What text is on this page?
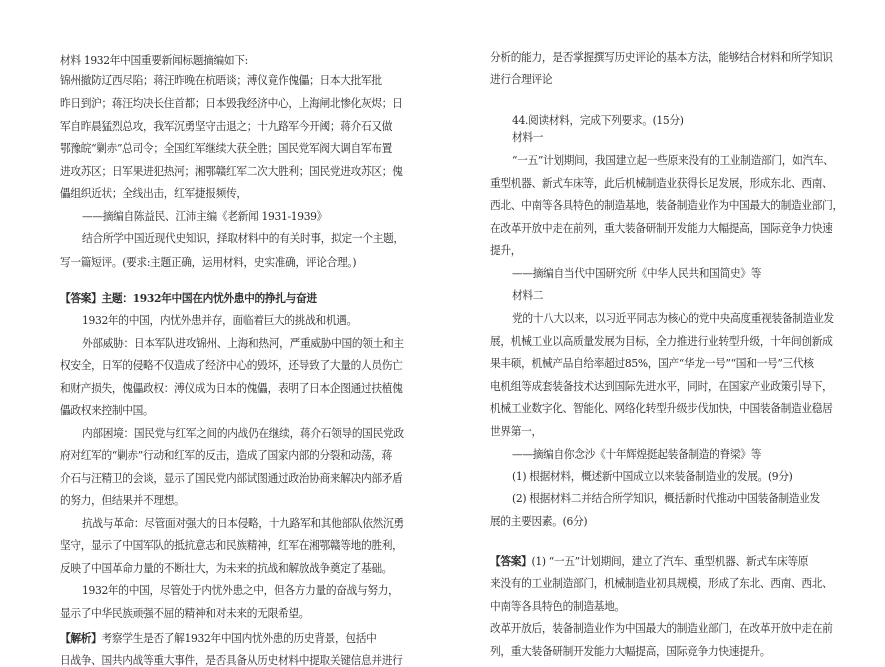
材料 1932年中国重要新闻标题摘编如下:
锦州撤防辽西尽陷；蒋汪昨晚在杭晤谈；溥仪竟作傀儡；日本大批军批
昨日到沪；蒋汪均决长住首都；日本毁我经济中心，上海闸北惨化灰烬；日
军自昨晨猛烈总攻，我军沉勇坚守击退之；十九路军今开阈；蒋介石又做
鄂豫皖“剿赤”总司令；全国红军继续大获全胜；国民党军阀大调自军布置
进攻苏区；日军果进犯热河；湘鄂赣红军二次大胜利；国民党进攻苏区；傀
儡组织近状；全线出击，红军捷报频传，
——摘编自陈益民、江沛主编《老新闻 1931-1939》
结合所学中国近现代史知识，择取材料中的有关时事，拟定一个主题，
写一篇短评。(要求:主题正确，运用材料，史实准确，评论合理。)
【答案】主题：1932年中国在内忧外患中的挣扎与奋进
1932年的中国，内忧外患并存，面临着巨大的挑战和机遇。
外部威胁：日本军队进攻锦州、上海和热河，严重威胁中国的领土和主
权安全，日军的侵略不仅造成了经济中心的毁坏，还导致了大量的人员伤亡
和财产损失，傀儡政权：溥仪成为日本的傀儡，表明了日本企图通过扶植傀
儡政权来控制中国。
内部困境：国民党与红军之间的内战仍在继续，蒋介石领导的国民党政
府对红军的“剿赤”行动和红军的反击，造成了国家内部的分裂和动荡，蒋
介石与汪精卫的会谈，显示了国民党内部试图通过政治协商来解决内部矛盾
的努力，但结果并不理想。
抗战与革命：尽管面对强大的日本侵略，十九路军和其他部队依然沉勇
坚守，显示了中国军队的抵抗意志和民族精神，红军在湘鄂赣等地的胜利，
反映了中国革命力量的不断壮大，为未来的抗战和解放战争奠定了基础。
1932年的中国，尽管处于内忧外患之中，但各方力量的奋战与努力，
显示了中华民族顽强不屈的精神和对未来的无限希望。
【解析】考察学生是否了解1932年中国内忧外患的历史背景，包括中
日战争、国共内战等重大事件，是否具备从历史材料中提取关键信息并进行
分析的能力，是否掌握撰写历史评论的基本方法，能够结合材料和所学知识
进行合理评论
44.阅读材料，完成下列要求。(15分)
材料一
“一五”计划期间，我国建立起一些原来没有的工业制造部门，如汽车、
重型机器、新式车床等，此后机械制造业获得长足发展，形成东北、西南、
西北、中南等各具特色的制造基地，装备制造业作为中国最大的制造业部门，
在改革开放中走在前列，重大装备研制开发能力大幅提高，国际竞争力快速
提升，
——摘编自当代中国研究所《中华人民共和国简史》等
材料二
党的十八大以来，以习近平同志为核心的党中央高度重视装备制造业发
展，机械工业以高质量发展为目标，全力推进行业转型升级，十年间创新成
果丰硕，机械产品自给率超过85%，国产“华龙一号”“国和一号”三代核
电机组等成套装备技术达到国际先进水平，同时，在国家产业政策引导下，
机械工业数字化、智能化、网络化转型升级步伐加快，中国装备制造业稳居
世界第一，
——摘编自你念沙《十年辉煌挺起装备制造的脊梁》等
(1) 根据材料，概述新中国成立以来装备制造业的发展。(9分)
(2) 根据材料二并结合所学知识，概括新时代推动中国装备制造业发
展的主要因素。(6分)
【答案】(1) “一五”计划期间，建立了汽车、重型机器、新式车床等原
来没有的工业制造部门，机械制造业初具规模，形成了东北、西南、西北、
中南等各具特色的制造基地。
改革开放后，装备制造业作为中国最大的制造业部门，在改革开放中走在前
列，重大装备研制开发能力大幅提高，国际竞争力快速提升。
